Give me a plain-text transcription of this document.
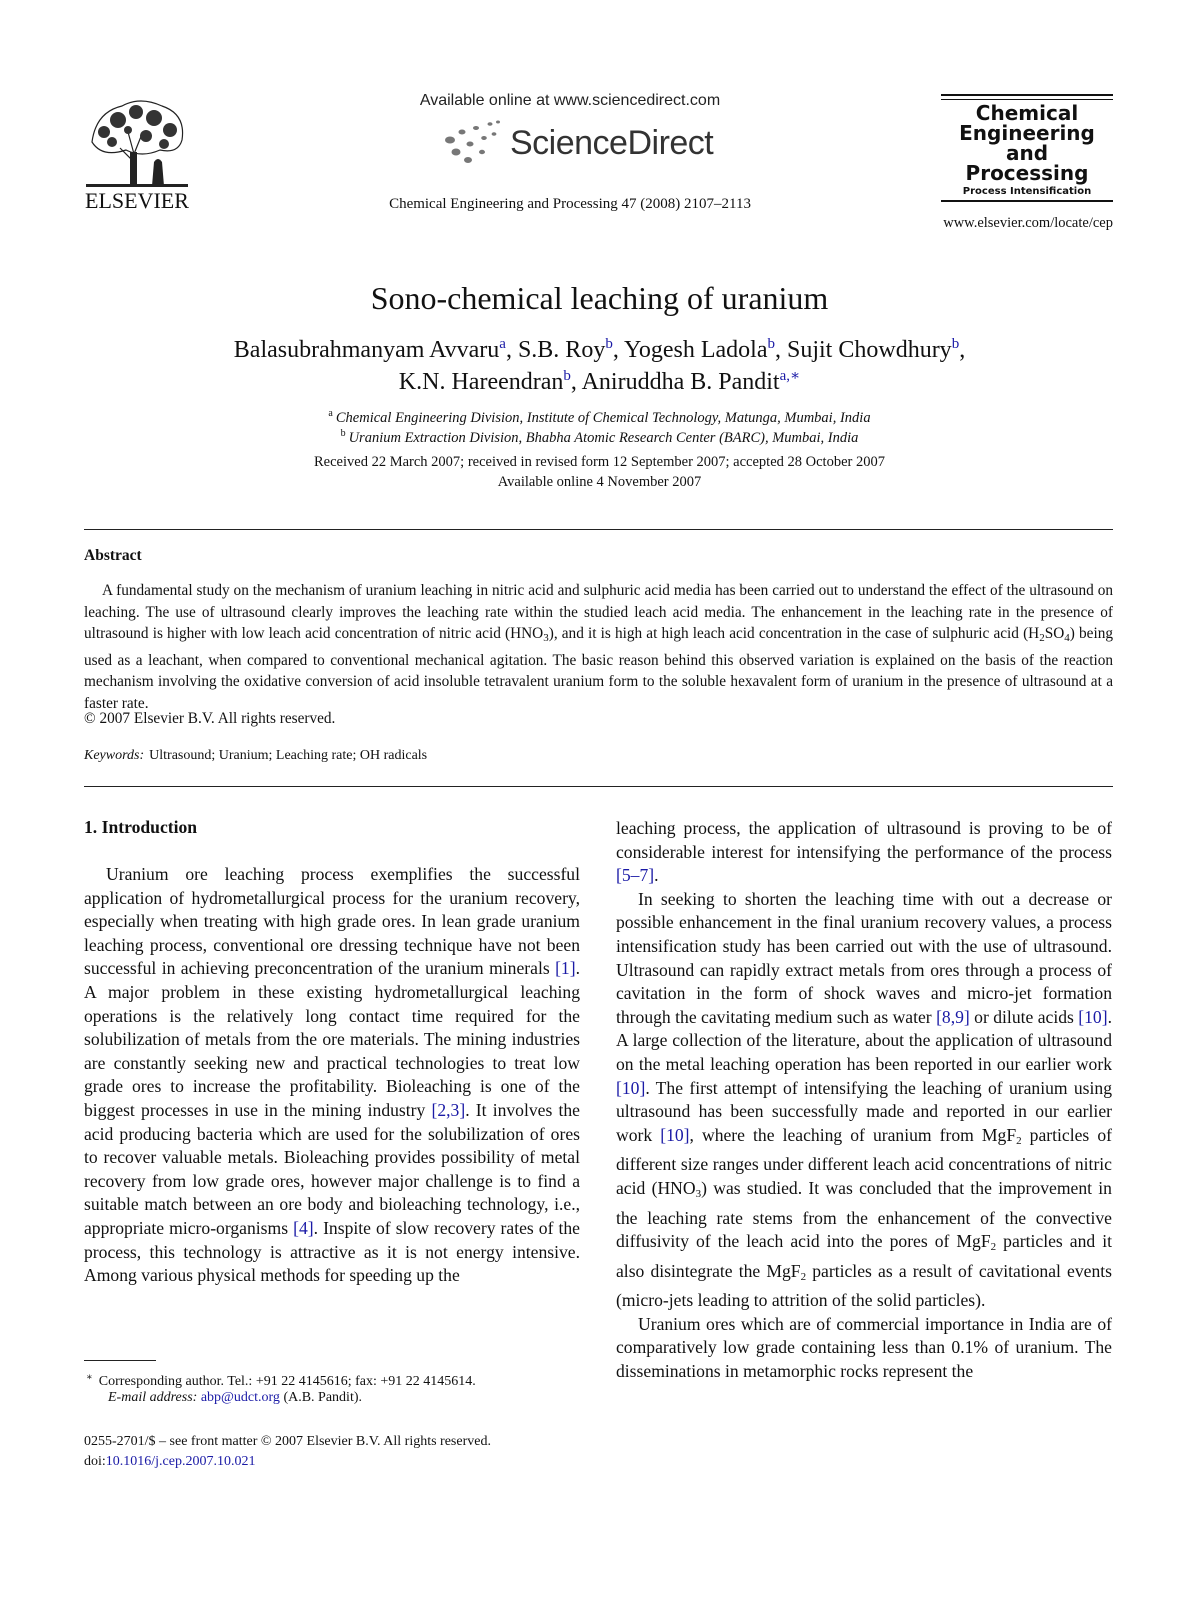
ELSEVIER
Available online at www.sciencedirect.com
ScienceDirect
Chemical Engineering and Processing 47 (2008) 2107–2113
Chemical
Engineering
and
Processing
Process Intensification
www.elsevier.com/locate/cep
Sono-chemical leaching of uranium
Balasubrahmanyam Avvaru$^a$, S.B. Roy$^b$, Yogesh Ladola$^b$, Sujit Chowdhury$^b$,
K.N. Hareendran$^b$, Aniruddha B. Pandit$^{a,∗}$
$^a$ Chemical Engineering Division, Institute of Chemical Technology, Matunga, Mumbai, India
$^b$ Uranium Extraction Division, Bhabha Atomic Research Center (BARC), Mumbai, India
Received 22 March 2007; received in revised form 12 September 2007; accepted 28 October 2007
Available online 4 November 2007
Abstract
A fundamental study on the mechanism of uranium leaching in nitric acid and sulphuric acid media has been carried out to understand the effect of the ultrasound on leaching. The use of ultrasound clearly improves the leaching rate within the studied leach acid media. The enhancement in the leaching rate in the presence of ultrasound is higher with low leach acid concentration of nitric acid $(HNO_3)$, and it is high at high leach acid concentration in the case of sulphuric acid $(H_2SO_4)$ being used as a leachant, when compared to conventional mechanical agitation. The basic reason behind this observed variation is explained on the basis of the reaction mechanism involving the oxidative conversion of acid insoluble tetravalent uranium form to the soluble hexavalent form of uranium in the presence of ultrasound at a faster rate.
© 2007 Elsevier B.V. All rights reserved.
Keywords: Ultrasound; Uranium; Leaching rate; OH radicals
1. Introduction

Uranium ore leaching process exemplifies the successful application of hydrometallurgical process for the uranium recovery, especially when treating with high grade ores. In lean grade uranium leaching process, conventional ore dressing technique have not been successful in achieving preconcentration of the uranium minerals [1]. A major problem in these existing hydrometallurgical leaching operations is the relatively long contact time required for the solubilization of metals from the ore materials. The mining industries are constantly seeking new and practical technologies to treat low grade ores to increase the profitability. Bioleaching is one of the biggest processes in use in the mining industry [2,3]. It involves the acid producing bacteria which are used for the solubilization of ores to recover valuable metals. Bioleaching provides possibility of metal recovery from low grade ores, however major challenge is to find a suitable match between an ore body and bioleaching technology, i.e., appropriate micro-organisms [4]. Inspite of slow recovery rates of the process, this technology is attractive as it is not energy intensive. Among various physical methods for speeding up the

leaching process, the application of ultrasound is proving to be of considerable interest for intensifying the performance of the process [5–7].

In seeking to shorten the leaching time with out a decrease or possible enhancement in the final uranium recovery values, a process intensification study has been carried out with the use of ultrasound. Ultrasound can rapidly extract metals from ores through a process of cavitation in the form of shock waves and micro-jet formation through the cavitating medium such as water [8,9] or dilute acids [10]. A large collection of the literature, about the application of ultrasound on the metal leaching operation has been reported in our earlier work [10]. The first attempt of intensifying the leaching of uranium using ultrasound has been successfully made and reported in our earlier work [10], where the leaching of uranium from MgF$_2$ particles of different size ranges under different leach acid concentrations of nitric acid $(HNO_3)$ was studied. It was concluded that the improvement in the leaching rate stems from the enhancement of the convective diffusivity of the leach acid into the pores of MgF$_2$ particles and it also disintegrate the MgF$_2$ particles as a result of cavitational events (micro-jets leading to attrition of the solid particles).

Uranium ores which are of commercial importance in India are of comparatively low grade containing less than 0.1% of uranium. The disseminations in metamorphic rocks represent the

∗ Corresponding author. Tel.: +91 22 4145616; fax: +91 22 4145614.
E-mail address: abp@udct.org (A.B. Pandit).
0255-2701/$ – see front matter © 2007 Elsevier B.V. All rights reserved.
doi:10.1016/j.cep.2007.10.021
